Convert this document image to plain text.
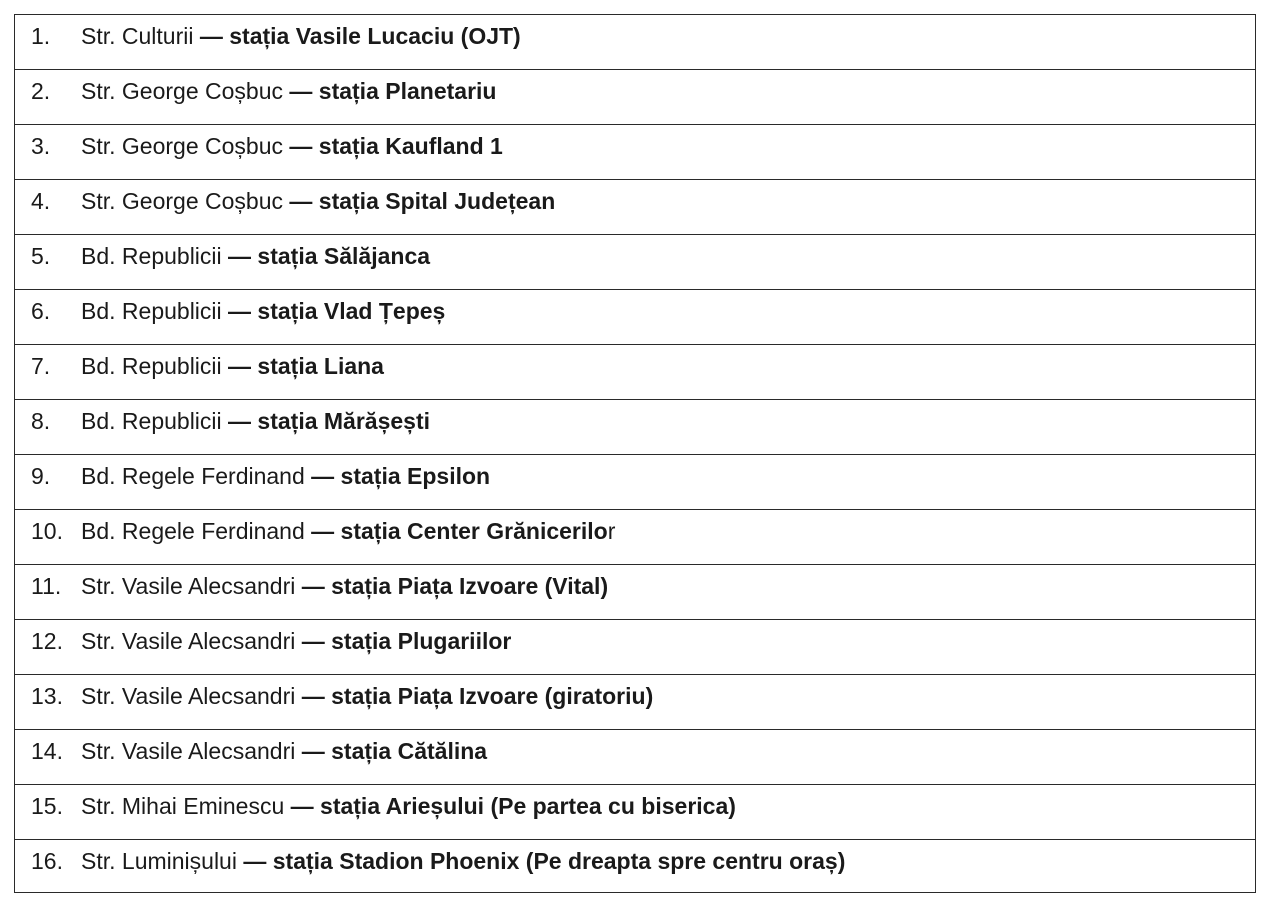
1. Str. Culturii — stația Vasile Lucaciu (OJT)
2. Str. George Coșbuc — stația Planetariu
3. Str. George Coșbuc — stația Kaufland 1
4. Str. George Coșbuc — stația Spital Județean
5. Bd. Republicii — stația Sălăjanca
6. Bd. Republicii — stația Vlad Țepeș
7. Bd. Republicii — stația Liana
8. Bd. Republicii — stația Mărășești
9. Bd. Regele Ferdinand — stația Epsilon
10. Bd. Regele Ferdinand — stația Center Grănicerilor
11. Str. Vasile Alecsandri — stația Piața Izvoare (Vital)
12. Str. Vasile Alecsandri — stația Plugariilor
13. Str. Vasile Alecsandri — stația Piața Izvoare (giratoriu)
14. Str. Vasile Alecsandri — stația Cătălina
15. Str. Mihai Eminescu — stația Arieșului (Pe partea cu biserica)
16. Str. Luminișului — stația Stadion Phoenix (Pe dreapta spre centru oraș)
